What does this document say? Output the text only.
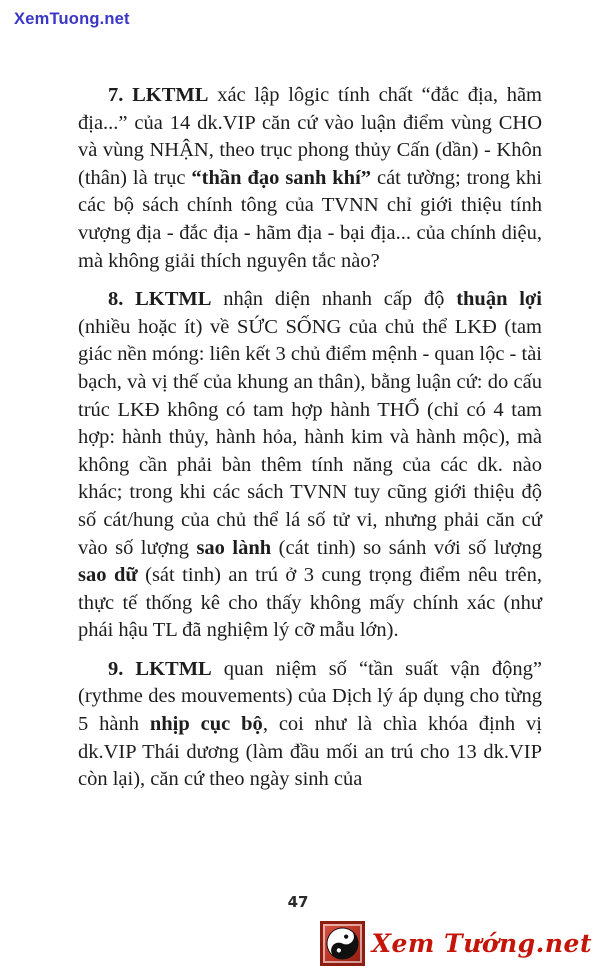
XemTuong.net

7. LKTML xác lập lôgic tính chất “đắc địa, hãm địa...” của 14 dk.VIP căn cứ vào luận điểm vùng CHO và vùng NHẬN, theo trục phong thủy Cấn (dần) - Khôn (thân) là trục “thần đạo sanh khí” cát tường; trong khi các bộ sách chính tông của TVNN chỉ giới thiệu tính vượng địa - đắc địa - hãm địa - bại địa... của chính diệu, mà không giải thích nguyên tắc nào?

8. LKTML nhận diện nhanh cấp độ thuận lợi (nhiều hoặc ít) về SỨC SỐNG của chủ thể LKĐ (tam giác nền móng: liên kết 3 chủ điểm mệnh - quan lộc - tài bạch, và vị thế của khung an thân), bằng luận cứ: do cấu trúc LKĐ không có tam hợp hành THỔ (chỉ có 4 tam hợp: hành thủy, hành hỏa, hành kim và hành mộc), mà không cần phải bàn thêm tính năng của các dk. nào khác; trong khi các sách TVNN tuy cũng giới thiệu độ số cát/hung của chủ thể lá số tử vi, nhưng phải căn cứ vào số lượng sao lành (cát tinh) so sánh với số lượng sao dữ (sát tinh) an trú ở 3 cung trọng điểm nêu trên, thực tế thống kê cho thấy không mấy chính xác (như phái hậu TL đã nghiệm lý cỡ mẫu lớn).

9. LKTML quan niệm số “tần suất vận động” (rythme des mouvements) của Dịch lý áp dụng cho từng 5 hành nhịp cục bộ, coi như là chìa khóa định vị dk.VIP Thái dương (làm đầu mối an trú cho 13 dk.VIP còn lại), căn cứ theo ngày sinh của

47
Xem Tướng.net
